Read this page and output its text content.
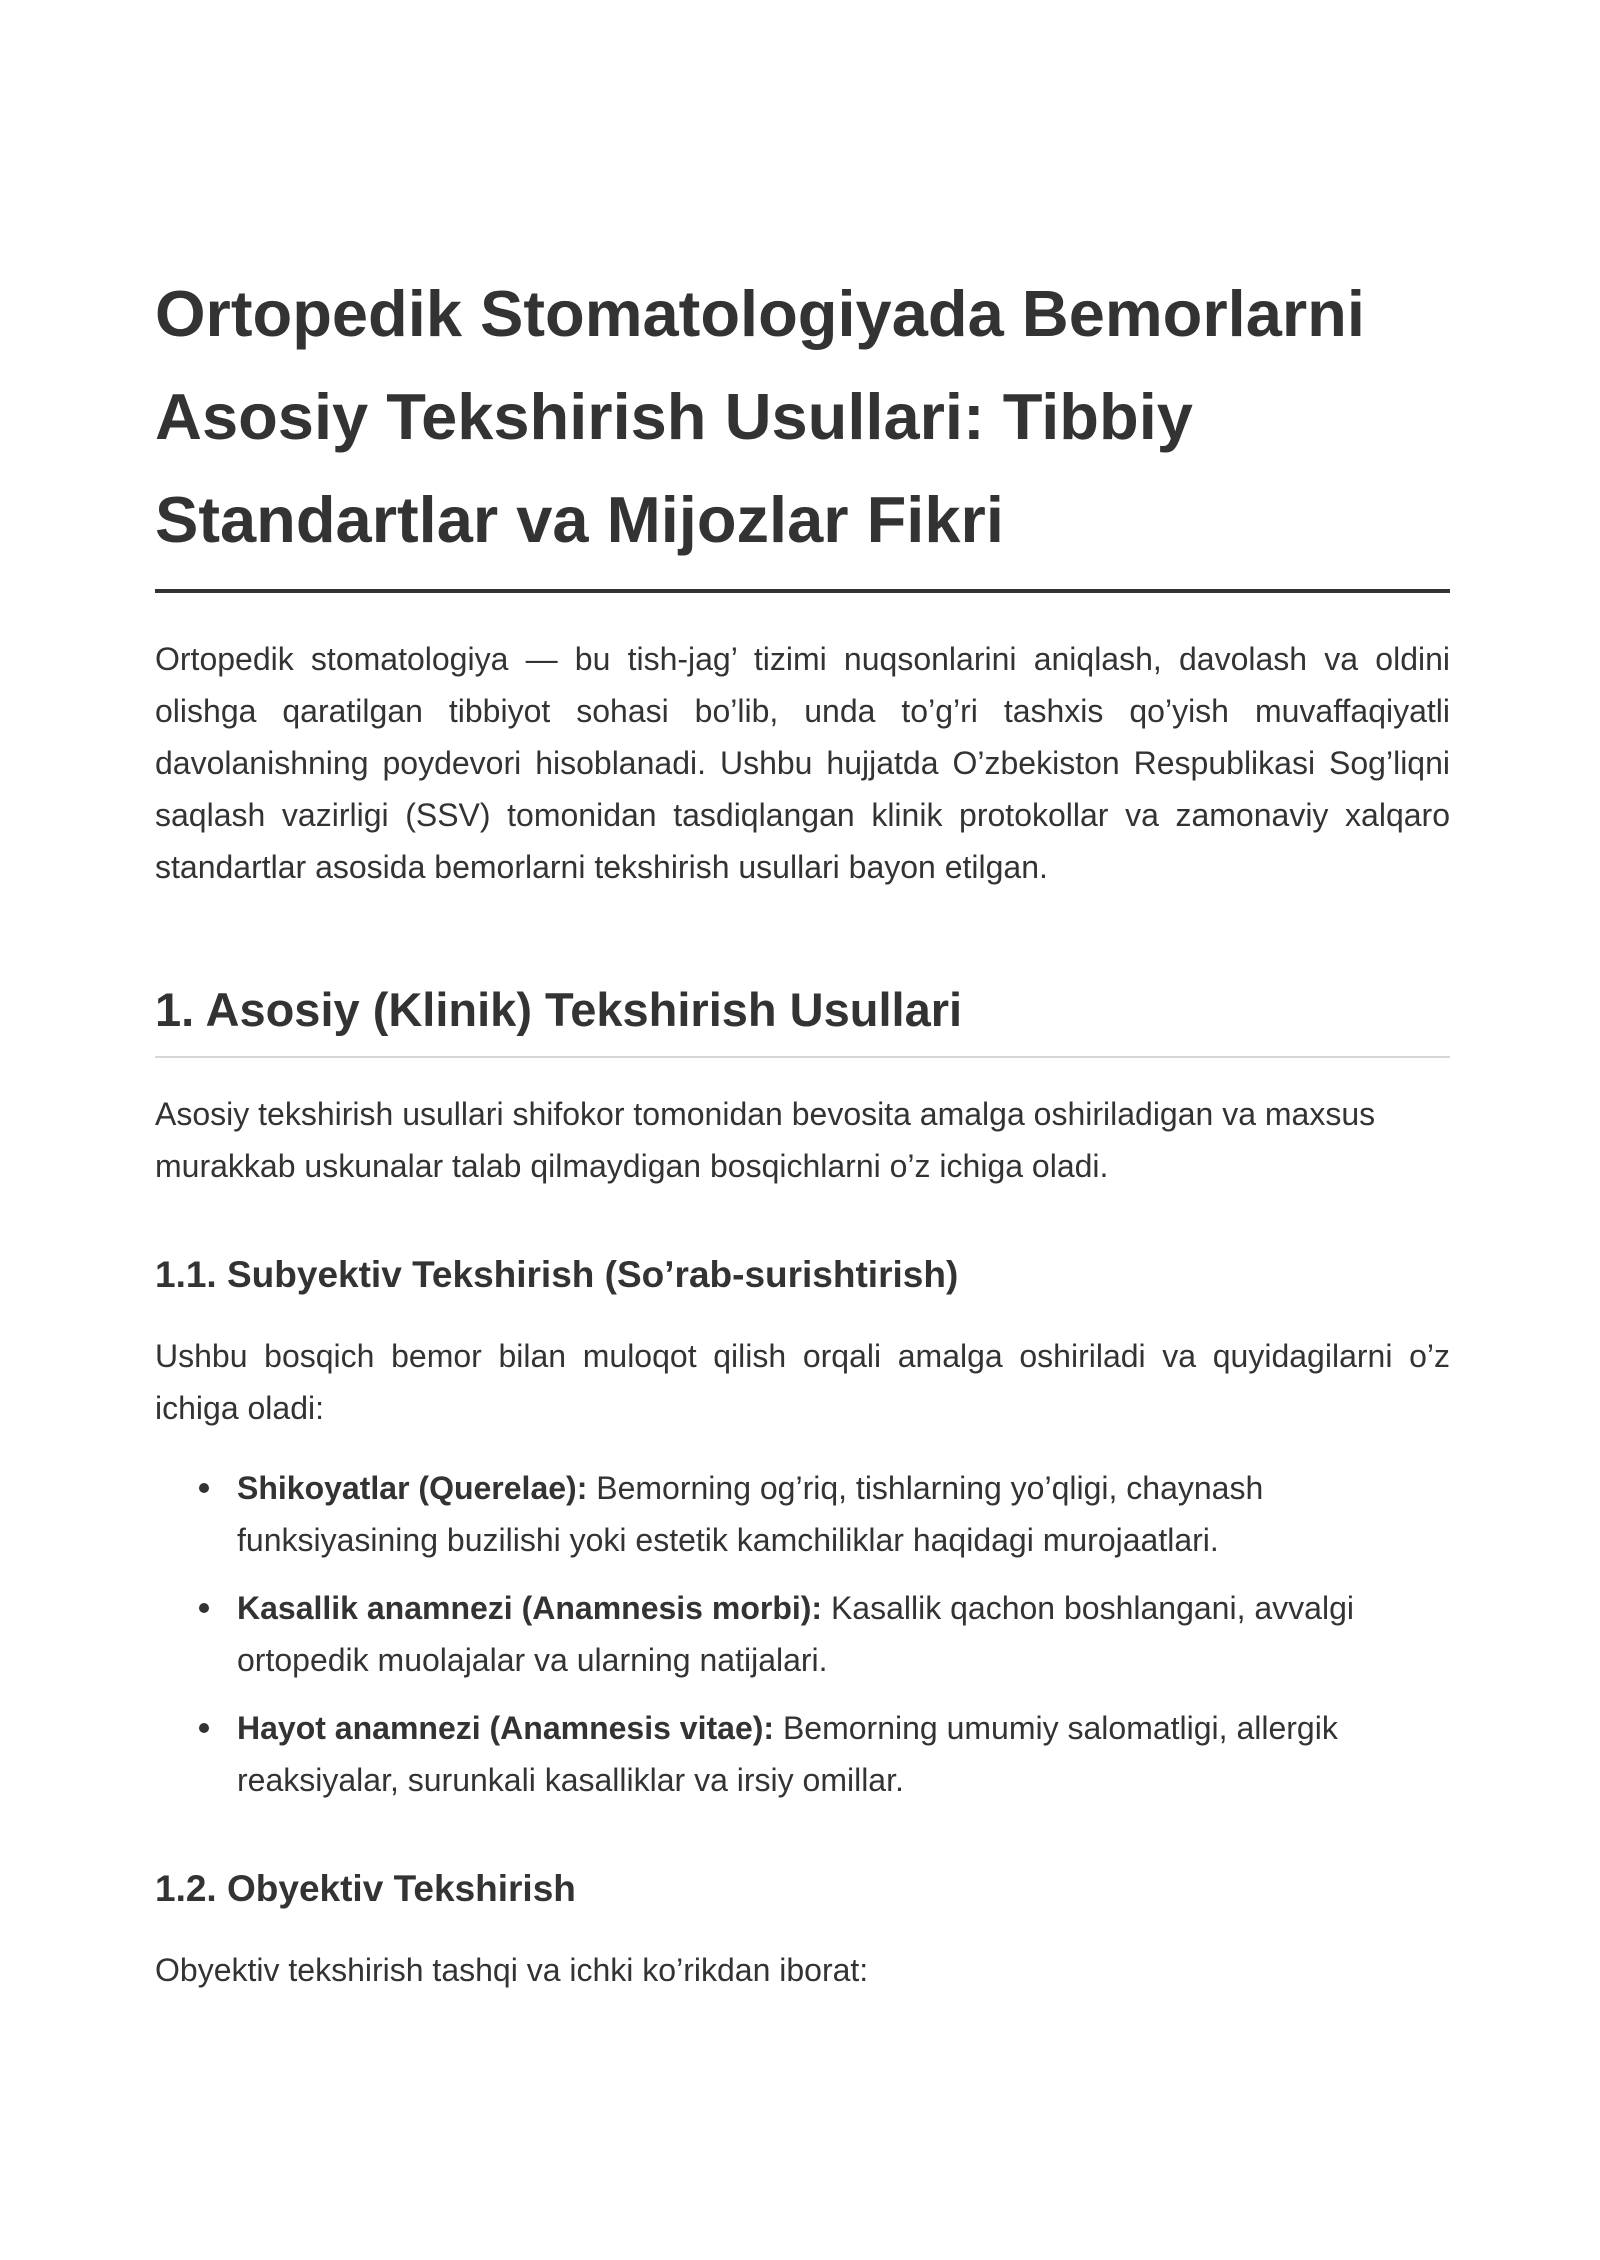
Ortopedik Stomatologiyada Bemorlarni
Asosiy Tekshirish Usullari: Tibbiy
Standartlar va Mijozlar Fikri

Ortopedik stomatologiya — bu tish-jag’ tizimi nuqsonlarini aniqlash, davolash va oldini olishga qaratilgan tibbiyot sohasi bo’lib, unda to’g’ri tashxis qo’yish muvaffaqiyatli davolanishning poydevori hisoblanadi. Ushbu hujjatda O’zbekiston Respublikasi Sog’liqni saqlash vazirligi (SSV) tomonidan tasdiqlangan klinik protokollar va zamonaviy xalqaro standartlar asosida bemorlarni tekshirish usullari bayon etilgan.

1. Asosiy (Klinik) Tekshirish Usullari

Asosiy tekshirish usullari shifokor tomonidan bevosita amalga oshiriladigan va maxsus murakkab uskunalar talab qilmaydigan bosqichlarni o’z ichiga oladi.

1.1. Subyektiv Tekshirish (So’rab-surishtirish)

Ushbu bosqich bemor bilan muloqot qilish orqali amalga oshiriladi va quyidagilarni o’z ichiga oladi:

Shikoyatlar (Querelae): Bemorning og’riq, tishlarning yo’qligi, chaynash funksiyasining buzilishi yoki estetik kamchiliklar haqidagi murojaatlari.
Kasallik anamnezi (Anamnesis morbi): Kasallik qachon boshlangani, avvalgi ortopedik muolajalar va ularning natijalari.
Hayot anamnezi (Anamnesis vitae): Bemorning umumiy salomatligi, allergik reaksiyalar, surunkali kasalliklar va irsiy omillar.
1.2. Obyektiv Tekshirish

Obyektiv tekshirish tashqi va ichki ko’rikdan iborat:
